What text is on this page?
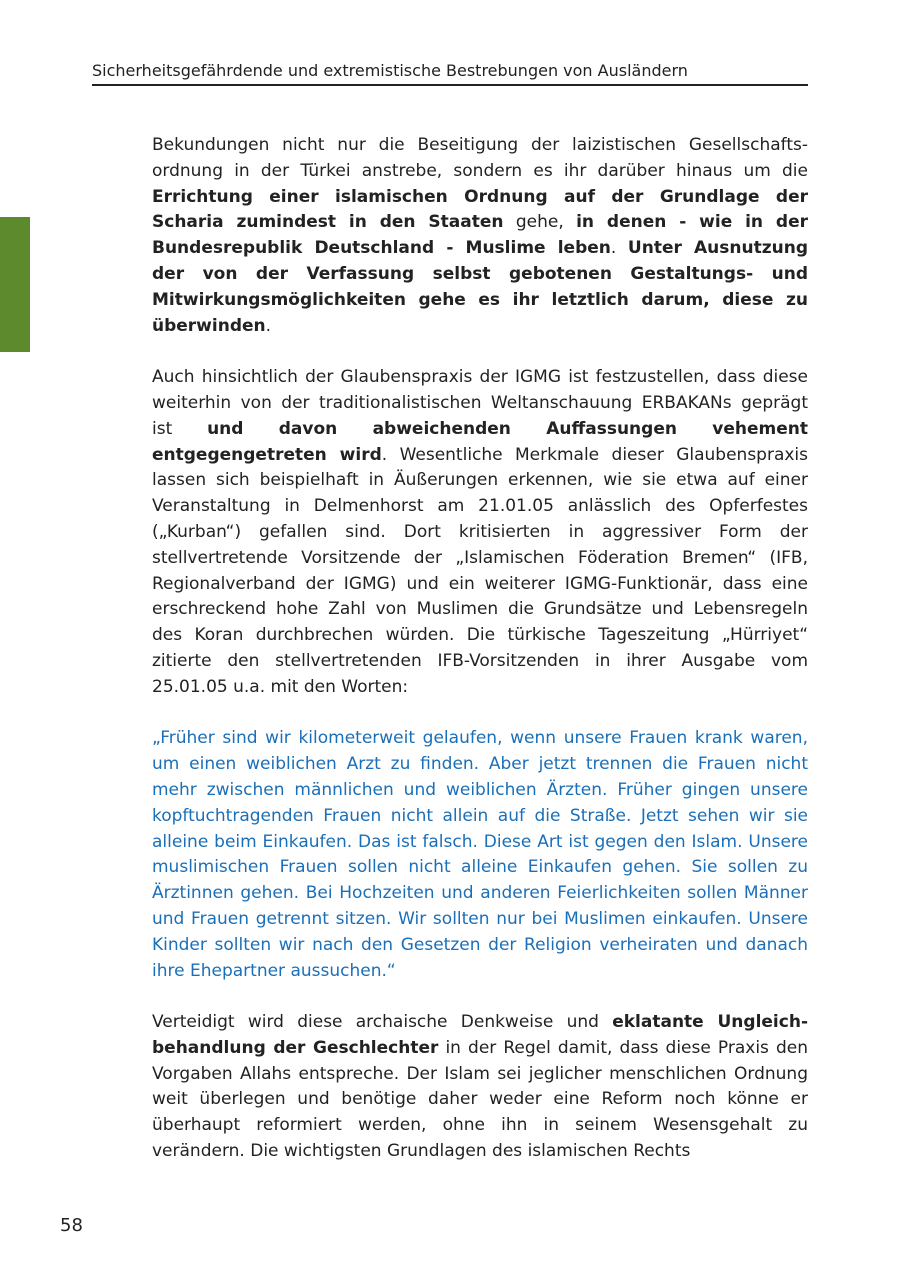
Sicherheitsgefährdende und extremistische Bestrebungen von Ausländern

Bekundungen nicht nur die Beseitigung der laizistischen Gesellschaftsordnung in der Türkei anstrebe, sondern es ihr darüber hinaus um die Errichtung einer islamischen Ordnung auf der Grundlage der Scharia zumindest in den Staaten gehe, in denen - wie in der Bundesrepublik Deutschland - Muslime leben. Unter Ausnutzung der von der Verfassung selbst gebotenen Gestaltungs- und Mitwirkungsmöglichkeiten gehe es ihr letztlich darum, diese zu überwinden.

Auch hinsichtlich der Glaubenspraxis der IGMG ist festzustellen, dass diese weiterhin von der traditionalistischen Weltanschauung ERBAKANs geprägt ist und davon abweichenden Auffassungen vehement entgegengetreten wird. Wesentliche Merkmale dieser Glaubenspraxis lassen sich beispielhaft in Äußerungen erkennen, wie sie etwa auf einer Veranstaltung in Delmenhorst am 21.01.05 anlässlich des Opferfestes („Kurban“) gefallen sind. Dort kritisierten in aggressiver Form der stellvertretende Vorsitzende der „Islamischen Föderation Bremen“ (IFB, Regionalverband der IGMG) und ein weiterer IGMG-Funktionär, dass eine erschreckend hohe Zahl von Muslimen die Grundsätze und Lebensregeln des Koran durchbrechen würden. Die türkische Tageszeitung „Hürriyet“ zitierte den stellvertretenden IFB-Vorsitzenden in ihrer Ausgabe vom 25.01.05 u.a. mit den Worten:

„Früher sind wir kilometerweit gelaufen, wenn unsere Frauen krank waren, um einen weiblichen Arzt zu finden. Aber jetzt trennen die Frauen nicht mehr zwischen männlichen und weiblichen Ärzten. Früher gingen unsere kopftuchtragenden Frauen nicht allein auf die Straße. Jetzt sehen wir sie alleine beim Einkaufen. Das ist falsch. Diese Art ist gegen den Islam. Unsere muslimischen Frauen sollen nicht alleine Einkaufen gehen. Sie sollen zu Ärztinnen gehen. Bei Hochzeiten und anderen Feierlichkeiten sollen Männer und Frauen getrennt sitzen. Wir sollten nur bei Muslimen einkaufen. Unsere Kinder sollten wir nach den Gesetzen der Religion verheiraten und danach ihre Ehepartner aussuchen.“

Verteidigt wird diese archaische Denkweise und eklatante Ungleichbehandlung der Geschlechter in der Regel damit, dass diese Praxis den Vorgaben Allahs entspreche. Der Islam sei jeglicher menschlichen Ordnung weit überlegen und benötige daher weder eine Reform noch könne er überhaupt reformiert werden, ohne ihn in seinem Wesensgehalt zu verändern. Die wichtigsten Grundlagen des islamischen Rechts

58
